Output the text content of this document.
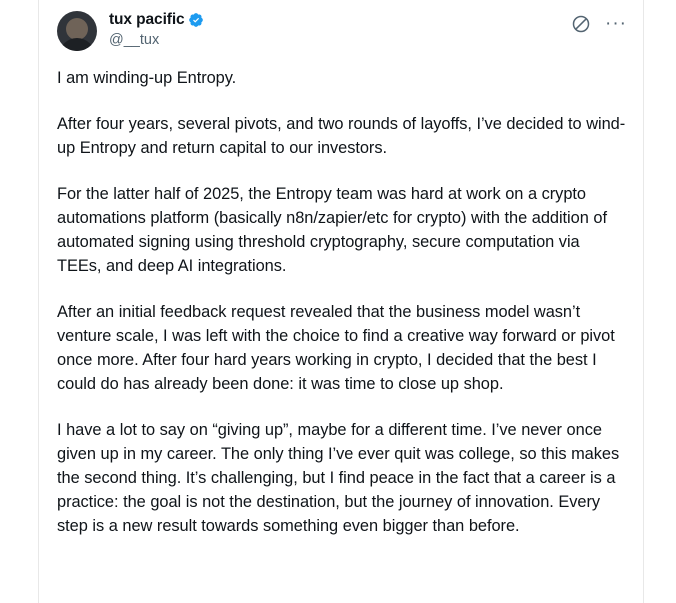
tux pacific
@__tux
···

I am winding-up Entropy.

After four years, several pivots, and two rounds of layoffs, I’ve decided to wind-up Entropy and return capital to our investors.

For the latter half of 2025, the Entropy team was hard at work on a crypto automations platform (basically n8n/zapier/etc for crypto) with the addition of automated signing using threshold cryptography, secure computation via TEEs, and deep AI integrations.

After an initial feedback request revealed that the business model wasn’t venture scale, I was left with the choice to find a creative way forward or pivot once more. After four hard years working in crypto, I decided that the best I could do has already been done: it was time to close up shop.

I have a lot to say on “giving up”, maybe for a different time. I’ve never once given up in my career. The only thing I’ve ever quit was college, so this makes the second thing. It’s challenging, but I find peace in the fact that a career is a practice: the goal is not the destination, but the journey of innovation. Every step is a new result towards something even bigger than before.
